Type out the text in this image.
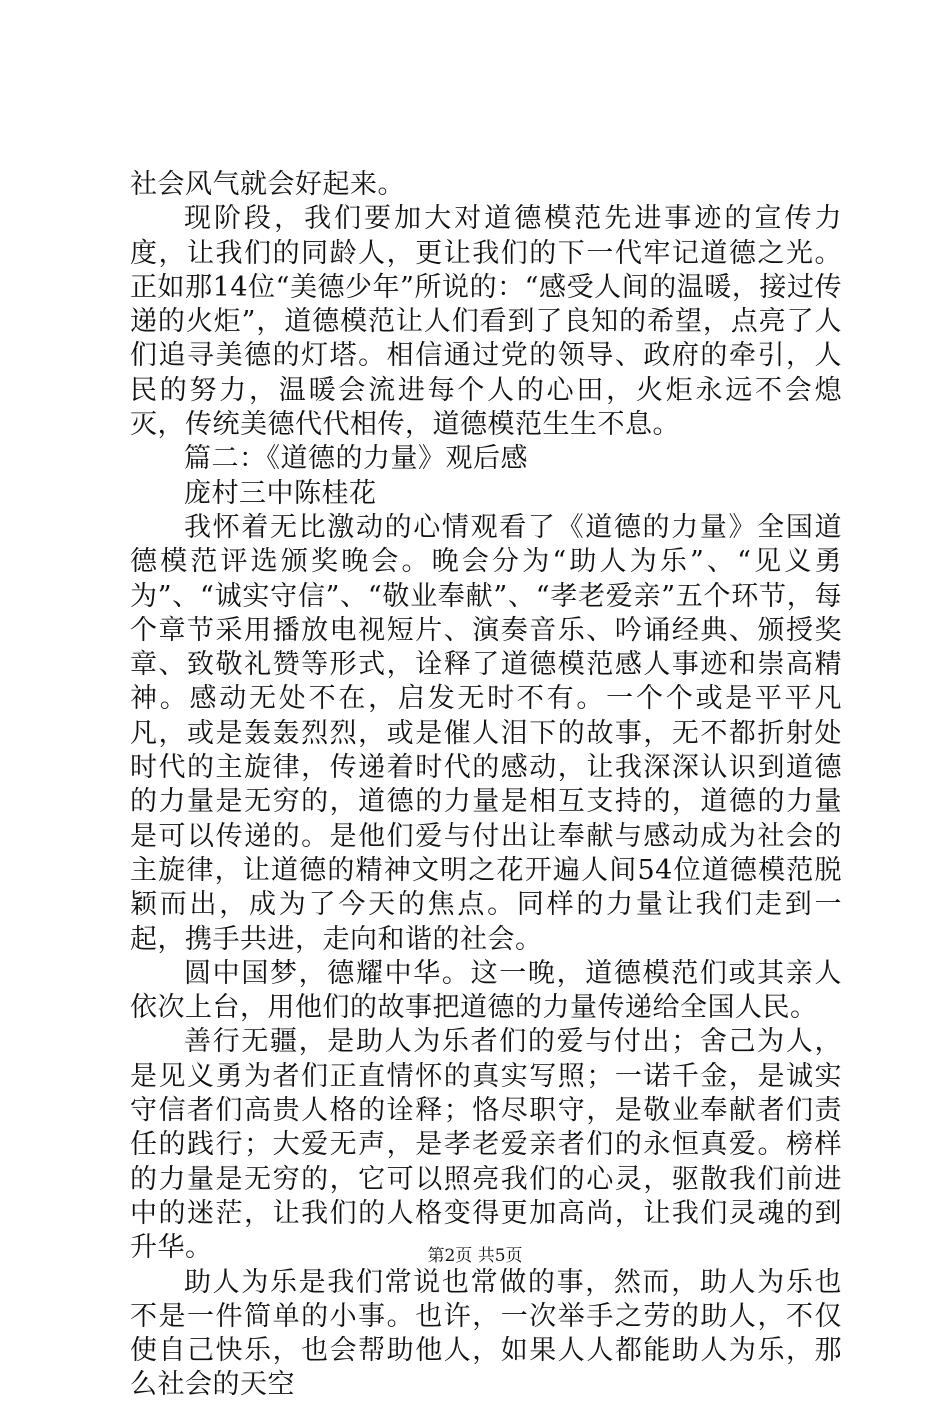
社会风气就会好起来。

现阶段，我们要加大对道德模范先进事迹的宣传力度，让我们的同龄人，更让我们的下一代牢记道德之光。正如那14位“美德少年”所说的：“感受人间的温暖，接过传递的火炬”，道德模范让人们看到了良知的希望，点亮了人们追寻美德的灯塔。相信通过党的领导、政府的牵引，人民的努力，温暖会流进每个人的心田，火炬永远不会熄灭，传统美德代代相传，道德模范生生不息。

篇二：《道德的力量》观后感

庞村三中陈桂花

我怀着无比激动的心情观看了《道德的力量》全国道德模范评选颁奖晚会。晚会分为“助人为乐”、“见义勇为”、“诚实守信”、“敬业奉献”、“孝老爱亲”五个环节，每个章节采用播放电视短片、演奏音乐、吟诵经典、颁授奖章、致敬礼赞等形式，诠释了道德模范感人事迹和崇高精神。感动无处不在，启发无时不有。一个个或是平平凡凡，或是轰轰烈烈，或是催人泪下的故事，无不都折射处时代的主旋律，传递着时代的感动，让我深深认识到道德的力量是无穷的，道德的力量是相互支持的，道德的力量是可以传递的。是他们爱与付出让奉献与感动成为社会的主旋律，让道德的精神文明之花开遍人间54位道德模范脱颖而出，成为了今天的焦点。同样的力量让我们走到一起，携手共进，走向和谐的社会。

圆中国梦，德耀中华。这一晚，道德模范们或其亲人依次上台，用他们的故事把道德的力量传递给全国人民。

善行无疆，是助人为乐者们的爱与付出；舍己为人，是见义勇为者们正直情怀的真实写照；一诺千金，是诚实守信者们高贵人格的诠释；恪尽职守，是敬业奉献者们责任的践行；大爱无声，是孝老爱亲者们的永恒真爱。榜样的力量是无穷的，它可以照亮我们的心灵，驱散我们前进中的迷茫，让我们的人格变得更加高尚，让我们灵魂的到升华。

助人为乐是我们常说也常做的事，然而，助人为乐也不是一件简单的小事。也许，一次举手之劳的助人，不仅使自己快乐，也会帮助他人，如果人人都能助人为乐，那么社会的天空

第2页 共5页
